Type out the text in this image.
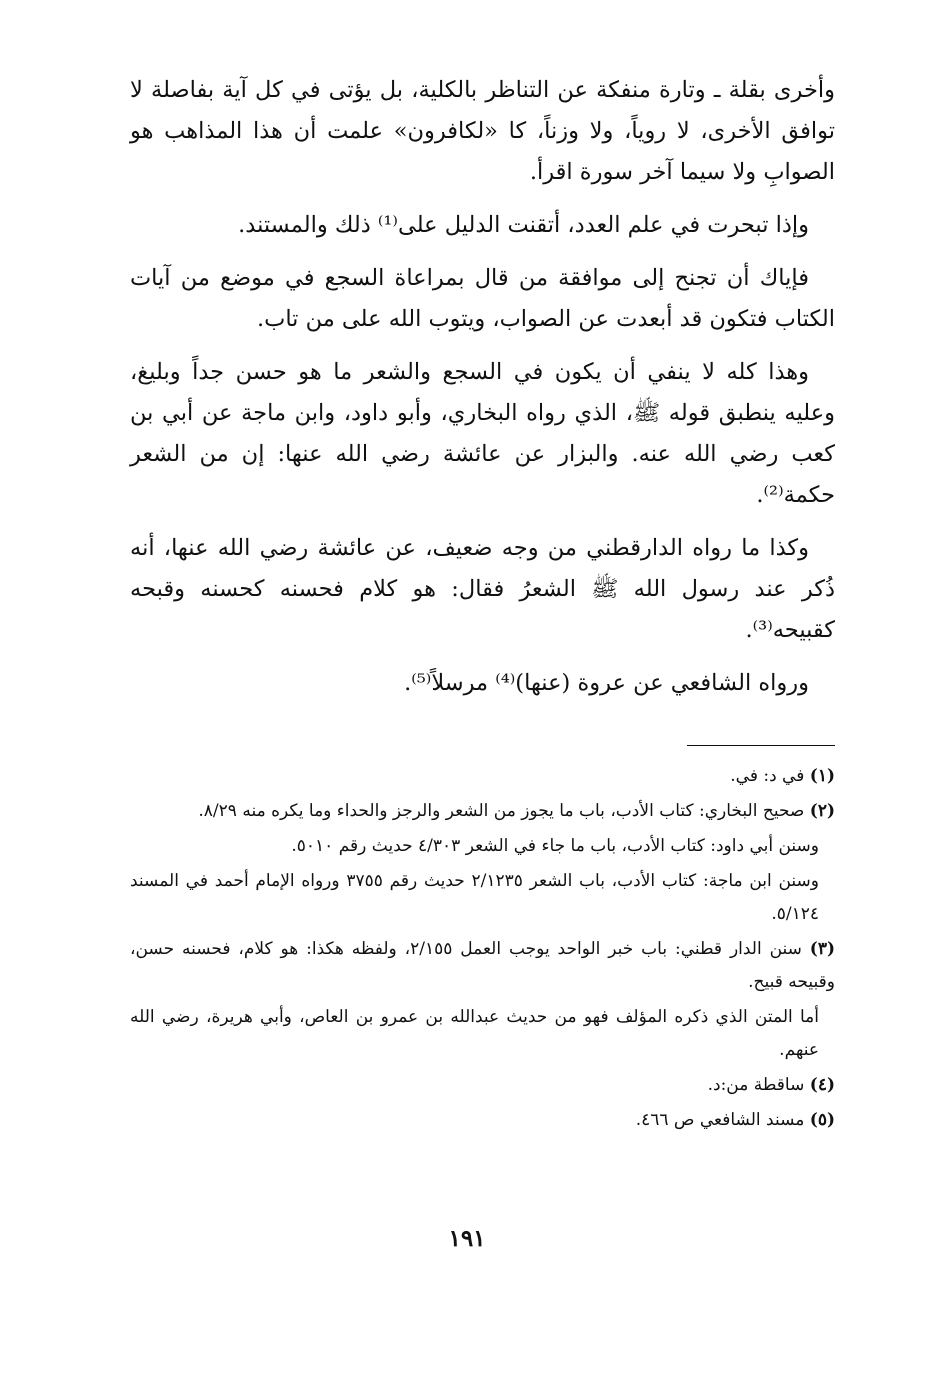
وأخرى بقلة ـ وتارة منفكة عن التناظر بالكلية، بل يؤتى في كل آية بفاصلة لا توافق الأخرى، لا روياً، ولا وزناً، كا «لكافرون» علمت أن هذا المذاهب هو الصوابِ ولا سيما آخر سورة اقرأ.

وإذا تبحرت في علم العدد، أتقنت الدليل على⁽¹⁾ ذلك والمستند.

فإياك أن تجنح إلى موافقة من قال بمراعاة السجع في موضع من آيات الكتاب فتكون قد أبعدت عن الصواب، ويتوب الله على من تاب.

وهذا كله لا ينفي أن يكون في السجع والشعر ما هو حسن جداً وبليغ، وعليه ينطبق قوله ﷺ، الذي رواه البخاري، وأبو داود، وابن ماجة عن أبي بن كعب رضي الله عنه. والبزار عن عائشة رضي الله عنها: إن من الشعر حكمة⁽²⁾.

وكذا ما رواه الدارقطني من وجه ضعيف، عن عائشة رضي الله عنها، أنه ذُكر عند رسول الله ﷺ الشعرُ فقال: هو كلام فحسنه كحسنه وقبحه كقبيحه⁽³⁾.

ورواه الشافعي عن عروة (عنها)⁽⁴⁾ مرسلاً⁽⁵⁾.

(١) في د: في.

(٢) صحيح البخاري: كتاب الأدب، باب ما يجوز من الشعر والرجز والحداء وما يكره منه ٨/٢٩.

وسنن أبي داود: كتاب الأدب، باب ما جاء في الشعر ٤/٣٠٣ حديث رقم ٥٠١٠.

وسنن ابن ماجة: كتاب الأدب، باب الشعر ٢/١٢٣٥ حديث رقم ٣٧٥٥ ورواه الإمام أحمد في المسند ٥/١٢٤.

(٣) سنن الدار قطني: باب خبر الواحد يوجب العمل ٢/١٥٥، ولفظه هكذا: هو كلام، فحسنه حسن، وقبيحه قبيح.

أما المتن الذي ذكره المؤلف فهو من حديث عبدالله بن عمرو بن العاص، وأبي هريرة، رضي الله عنهم.

(٤) ساقطة من:د.

(٥) مسند الشافعي ص ٤٦٦.

١٩١
